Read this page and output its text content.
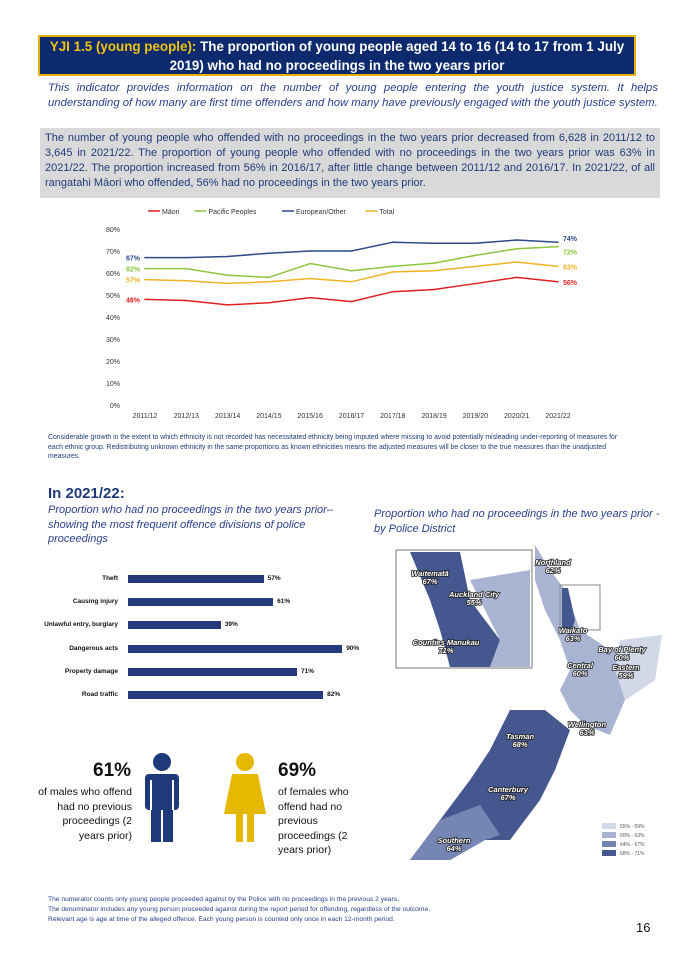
YJI 1.5 (young people): The proportion of young people aged 14 to 16 (14 to 17 from 1 July 2019) who had no proceedings in the two years prior
This indicator provides information on the number of young people entering the youth justice system. It helps understanding of how many are first time offenders and how many have previously engaged with the youth justice system.
The number of young people who offended with no proceedings in the two years prior decreased from 6,628 in 2011/12 to 3,645 in 2021/22. The proportion of young people who offended with no proceedings in the two years prior was 63% in 2021/22. The proportion increased from 56% in 2016/17, after little change between 2011/12 and 2016/17. In 2021/22, of all rangatahi Māori who offended, 56% had no proceedings in the two years prior.
0%
10%
20%
30%
40%
50%
60%
70%
80%
2011/12 2012/13 2013/14 2014/15 2015/16 2016/17 2017/18 2018/19 2019/20 2020/21 2021/22
Māori
48%
56%
Pacific Peoples
62%
72%
European/Other
67%
74%
Total
57%
63%
Considerable growth in the extent to which ethnicity is not recorded has necessitated ethnicity being imputed where missing to avoid potentially misleading under-reporting of measures for each ethnic group. Redistributing unknown ethnicity in the same proportions as known ethnicities means the adjusted measures will be closer to the true measures than the unadjusted measures.
In 2021/22:
Proportion who had no proceedings in the two years prior– showing the most frequent offence divisions of police proceedings
Proportion who had no proceedings in the two years prior - by Police District
Theft	57%
Causing injury	61%
Unlawful entry, burglary	39%
Dangerous acts	90%
Property damage	71%
Road traffic	82%
61%
of males who offend had no previous proceedings (2 years prior)
69%
of females who offend had no previous proceedings (2 years prior)
Northland
62%
Waitematā
67%
Auckland City
55%
Counties Manukau
71%
Waikato
63%
Bay of Plenty
60%
Central
60%
Eastern
59%
Wellington
63%
Tasman
68%
Canterbury
67%
Southern
64%
55% - 59%
60% - 63%
64% - 67%
68% - 71%
The numerator counts only young people proceeded against by the Police with no proceedings in the previous 2 years.
The denominator includes any young person proceeded against during the report period for offending, regardless of the outcome.
Relevant age is age at time of the alleged offence. Each young person is counted only once in each 12-month period.
16
